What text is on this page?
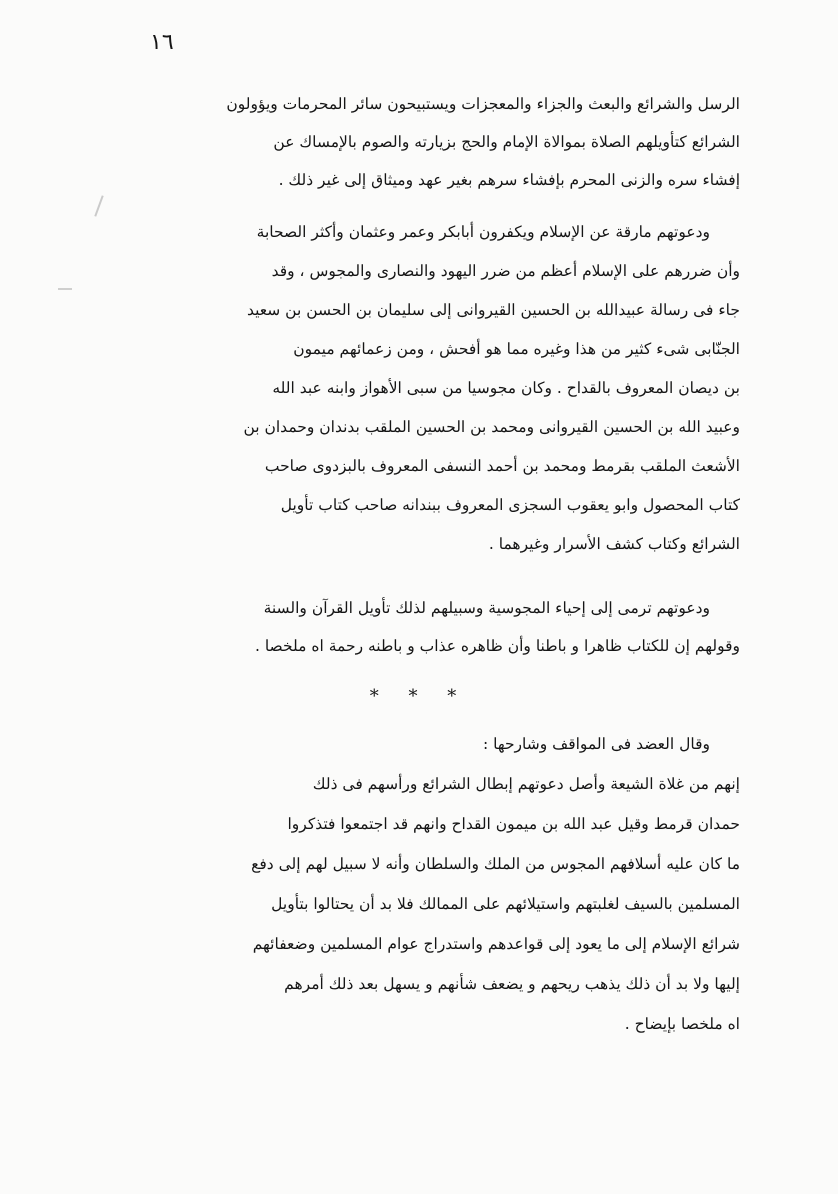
١٦
الرسل والشرائع والبعث والجزاء والمعجزات ويستبيحون سائر المحرمات ويؤولون
الشرائع كتأويلهم الصلاة بموالاة الإمام والحج بزيارته والصوم بالإمساك عن
إفشاء سره والزنى المحرم بإفشاء سرهم بغير عهد وميثاق إلى غير ذلك .
ودعوتهم مارقة عن الإسلام ويكفرون أبابكر وعمر وعثمان وأكثر الصحابة
وأن ضررهم على الإسلام أعظم من ضرر اليهود والنصارى والمجوس ، وقد
جاء فى رسالة عبيدالله بن الحسين القيروانى إلى سليمان بن الحسن بن سعيد
الجنّابى شىء كثير من هذا وغيره مما هو أفحش ، ومن زعمائهم ميمون
بن ديصان المعروف بالقداح . وكان مجوسيا من سبى الأهواز وابنه عبد الله
وعبيد الله بن الحسين القيروانى ومحمد بن الحسين الملقب بدندان وحمدان بن
الأشعث الملقب بقرمط ومحمد بن أحمد النسفى المعروف بالبزدوى صاحب
كتاب المحصول وابو يعقوب السجزى المعروف ببندانه صاحب كتاب تأويل
الشرائع وكتاب كشف الأسرار وغيرهما .
ودعوتهم ترمى إلى إحياء المجوسية وسبيلهم لذلك تأويل القرآن والسنة
وقولهم إن للكتاب ظاهرا و باطنا وأن ظاهره عذاب و باطنه رحمة اه ملخصا .
* * *
وقال العضد فى المواقف وشارحها :
إنهم من غلاة الشيعة وأصل دعوتهم إبطال الشرائع ورأسهم فى ذلك
حمدان قرمط وقيل عبد الله بن ميمون القداح وانهم قد اجتمعوا فتذكروا
ما كان عليه أسلافهم المجوس من الملك والسلطان وأنه لا سبيل لهم إلى دفع
المسلمين بالسيف لغلبتهم واستيلائهم على الممالك فلا بد أن يحتالوا بتأويل
شرائع الإسلام إلى ما يعود إلى قواعدهم واستدراج عوام المسلمين وضعفائهم
إليها ولا بد أن ذلك يذهب ريحهم و يضعف شأنهم و يسهل بعد ذلك أمرهم
اه ملخصا بإيضاح .
